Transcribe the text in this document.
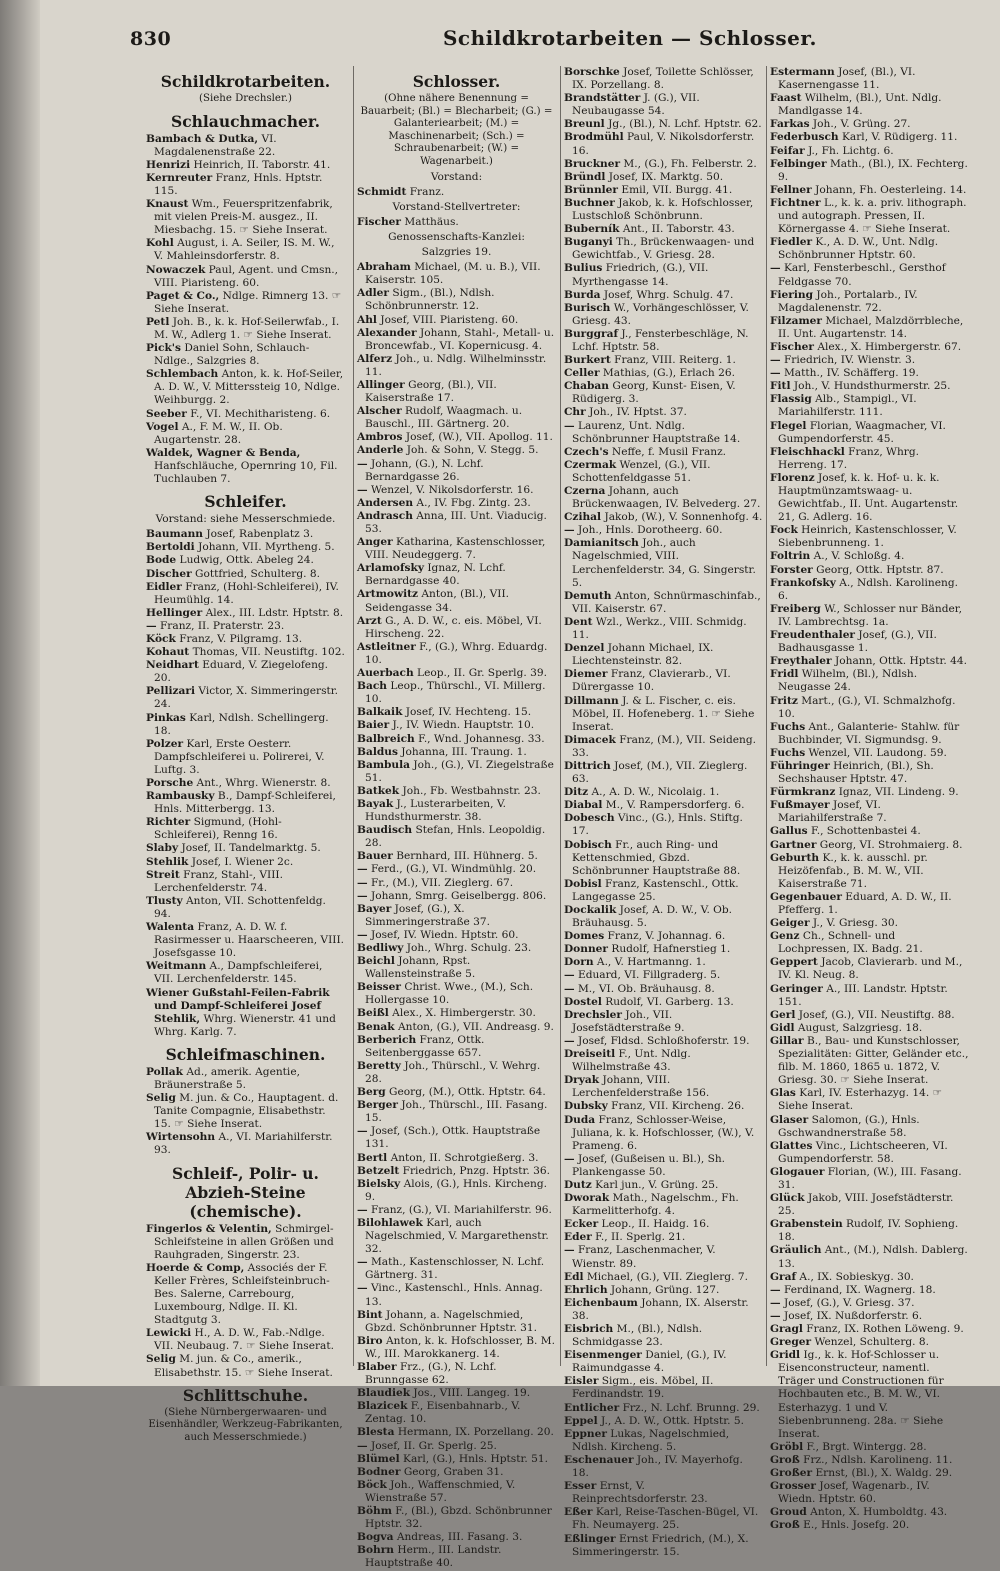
830	Schildkrotarbeiten — Schlosser.
Schildkrotarbeiten.
(Siehe Drechsler.)
Schlauchmacher.
Bambach & Dutka, VI. Magdalenenstraße 22.
Henrizi Heinrich, II. Taborstr. 41.
Kernreuter Franz, Hnls. Hptstr. 115.
Knaust Wm., Feuerspritzenfabrik, mit vielen Preis-M. ausgez., II. Miesbachg. 15. ☞ Siehe Inserat.
Kohl August, i. A. Seiler, IS. M. W., V. Mahleinsdorferstr. 8.
Nowaczek Paul, Agent. und Cmsn., VIII. Piaristeng. 60.
Paget & Co., Ndlge. Rimnerg 13. ☞ Siehe Inserat.
Petl Joh. B., k. k. Hof-Seilerwfab., I. M. W., Adlerg 1. ☞ Siehe Inserat.
Pick's Daniel Sohn, Schlauch-Ndlge., Salzgries 8.
Schlembach Anton, k. k. Hof-Seiler, A. D. W., V. Mitterssteig 10, Ndlge. Weihburgg. 2.
Seeber F., VI. Mechitharisteng. 6.
Vogel A., F. M. W., II. Ob. Augartenstr. 28.
Waldek, Wagner & Benda, Hanfschläuche, Opernring 10, Fil. Tuchlauben 7.
Schleifer.
Vorstand: siehe Messerschmiede.
Baumann Josef, Rabenplatz 3.
Bertoldi Johann, VII. Myrtheng. 5.
Bode Ludwig, Ottk. Abeleg 24.
Discher Gottfried, Schulterg. 8.
Eidler Franz, (Hohl-Schleiferei), IV. Heumühlg. 14.
Hellinger Alex., III. Ldstr. Hptstr. 8.
— Franz, II. Praterstr. 23.
Köck Franz, V. Pilgramg. 13.
Kohaut Thomas, VII. Neustiftg. 102.
Neidhart Eduard, V. Ziegelofeng. 20.
Pellizari Victor, X. Simmeringerstr. 24.
Pinkas Karl, Ndlsh. Schellingerg. 18.
Polzer Karl, Erste Oesterr. Dampfschleiferei u. Polirerei, V. Luftg. 3.
Porsche Ant., Whrg. Wienerstr. 8.
Rambausky B., Dampf-Schleiferei, Hnls. Mitterbergg. 13.
Richter Sigmund, (Hohl-Schleiferei), Renng 16.
Slaby Josef, II. Tandelmarktg. 5.
Stehlik Josef, I. Wiener 2c.
Streit Franz, Stahl-, VIII. Lerchenfelderstr. 74.
Tlusty Anton, VII. Schottenfeldg. 94.
Walenta Franz, A. D. W. f. Rasirmesser u. Haarscheeren, VIII. Josefsgasse 10.
Weitmann A., Dampfschleiferei, VII. Lerchenfelderstr. 145.
Wiener Gußstahl-Feilen-Fabrik und Dampf-Schleiferei Josef Stehlik, Whrg. Wienerstr. 41 und Whrg. Karlg. 7.
Schleifmaschinen.
Pollak Ad., amerik. Agentie, Bräunerstraße 5.
Selig M. jun. & Co., Hauptagent. d. Tanite Compagnie, Elisabethstr. 15. ☞ Siehe Inserat.
Wirtensohn A., VI. Mariahilferstr. 93.
Schleif-, Polir- u. Abzieh-Steine (chemische).
Fingerlos & Velentin, Schmirgel-Schleifsteine in allen Größen und Rauhgraden, Singerstr. 23.
Hoerde & Comp, Associés der F. Keller Frères, Schleifsteinbruch-Bes. Salerne, Carrebourg, Luxembourg, Ndlge. II. Kl. Stadtgutg 3.
Lewicki H., A. D. W., Fab.-Ndlge. VII. Neubaug. 7. ☞ Siehe Inserat.
Selig M. jun. & Co., amerik., Elisabethstr. 15. ☞ Siehe Inserat.
Schlittschuhe.
(Siehe Nürnbergerwaaren- und Eisenhändler, Werkzeug-Fabrikanten, auch Messerschmiede.)
Schlosser.
(Ohne nähere Benennung = Bauarbeit; (Bl.) = Blecharbeit; (G.) = Galanteriearbeit; (M.) = Maschinenarbeit; (Sch.) = Schraubenarbeit; (W.) = Wagenarbeit.)
Vorstand:
Schmidt Franz.
Vorstand-Stellvertreter:
Fischer Matthäus.
Genossenschafts-Kanzlei:
Salzgries 19.
Abraham Michael, (M. u. B.), VII. Kaiserstr. 105.
Adler Sigm., (Bl.), Ndlsh. Schönbrunnerstr. 12.
Ahl Josef, VIII. Piaristeng. 60.
Alexander Johann, Stahl-, Metall- u. Broncewfab., VI. Kopernicusg. 4.
Alferz Joh., u. Ndlg. Wilhelminsstr. 11.
Allinger Georg, (Bl.), VII. Kaiserstraße 17.
Alscher Rudolf, Waagmach. u. Bauschl., III. Gärtnerg. 20.
Ambros Josef, (W.), VII. Apollog. 11.
Anderle Joh. & Sohn, V. Stegg. 5.
— Johann, (G.), N. Lchf. Bernardgasse 26.
— Wenzel, V. Nikolsdorferstr. 16.
Andersen A., IV. Fbg. Zintg. 23.
Andrasch Anna, III. Unt. Viaducig. 53.
Anger Katharina, Kastenschlosser, VIII. Neudeggerg. 7.
Arlamofsky Ignaz, N. Lchf. Bernardgasse 40.
Artmowitz Anton, (Bl.), VII. Seidengasse 34.
Arzt G., A. D. W., c. eis. Möbel, VI. Hirscheng. 22.
Astleitner F., (G.), Whrg. Eduardg. 10.
Auerbach Leop., II. Gr. Sperlg. 39.
Bach Leop., Thürschl., VI. Millerg. 10.
Balkaik Josef, IV. Hechteng. 15.
Baier J., IV. Wiedn. Hauptstr. 10.
Balbreich F., Wnd. Johannesg. 33.
Baldus Johanna, III. Traung. 1.
Bambula Joh., (G.), VI. Ziegelstraße 51.
Batkek Joh., Fb. Westbahnstr. 23.
Bayak J., Lusterarbeiten, V. Hundsthurmerstr. 38.
Baudisch Stefan, Hnls. Leopoldig. 28.
Bauer Bernhard, III. Hühnerg. 5.
— Ferd., (G.), VI. Windmühlg. 20.
— Fr., (M.), VII. Zieglerg. 67.
— Johann, Smrg. Geiselbergg. 806.
Bayer Josef, (G.), X. Simmeringerstraße 37.
— Josef, IV. Wiedn. Hptstr. 60.
Bedliwy Joh., Whrg. Schulg. 23.
Beichl Johann, Rpst. Wallensteinstraße 5.
Beisser Christ. Wwe., (M.), Sch. Hollergasse 10.
Beißl Alex., X. Himbergerstr. 30.
Benak Anton, (G.), VII. Andreasg. 9.
Berberich Franz, Ottk. Seitenberggasse 657.
Beretty Joh., Thürschl., V. Wehrg. 28.
Berg Georg, (M.), Ottk. Hptstr. 64.
Berger Joh., Thürschl., III. Fasang. 15.
— Josef, (Sch.), Ottk. Hauptstraße 131.
Bertl Anton, II. Schrotgießerg. 3.
Betzelt Friedrich, Pnzg. Hptstr. 36.
Bielsky Alois, (G.), Hnls. Kircheng. 9.
— Franz, (G.), VI. Mariahilferstr. 96.
Bilohlawek Karl, auch Nagelschmied, V. Margarethenstr. 32.
— Math., Kastenschlosser, N. Lchf. Gärtnerg. 31.
— Vinc., Kastenschl., Hnls. Annag. 13.
Bint Johann, a. Nagelschmied, Gbzd. Schönbrunner Hptstr. 31.
Biro Anton, k. k. Hofschlosser, B. M. W., III. Marokkanerg. 14.
Blaber Frz., (G.), N. Lchf. Brunngasse 62.
Blaudiek Jos., VIII. Langeg. 19.
Blazicek F., Eisenbahnarb., V. Zentag. 10.
Blesta Hermann, IX. Porzellang. 20.
— Josef, II. Gr. Sperlg. 25.
Blümel Karl, (G.), Hnls. Hptstr. 51.
Bodner Georg, Graben 31.
Böck Joh., Waffenschmied, V. Wienstraße 57.
Böhm F., (Bl.), Gbzd. Schönbrunner Hptstr. 32.
Bogva Andreas, III. Fasang. 3.
Bohrn Herm., III. Landstr. Hauptstraße 40.
Borschke Josef, Toilette Schlösser, IX. Porzellang. 8.
Brandstätter J. (G.), VII. Neubaugasse 54.
Breunl Jg., (Bl.), N. Lchf. Hptstr. 62.
Brodmühl Paul, V. Nikolsdorferstr. 16.
Bruckner M., (G.), Fh. Felberstr. 2.
Bründl Josef, IX. Marktg. 50.
Brünnler Emil, VII. Burgg. 41.
Buchner Jakob, k. k. Hofschlosser, Lustschloß Schönbrunn.
Buberník Ant., II. Taborstr. 43.
Buganyi Th., Brückenwaagen- und Gewichtfab., V. Griesg. 28.
Bulius Friedrich, (G.), VII. Myrthengasse 14.
Burda Josef, Whrg. Schulg. 47.
Burisch W., Vorhängeschlösser, V. Griesg. 43.
Burggraf J., Fensterbeschläge, N. Lchf. Hptstr. 58.
Burkert Franz, VIII. Reiterg. 1.
Celler Mathias, (G.), Erlach 26.
Chaban Georg, Kunst- Eisen, V. Rüdigerg. 3.
Chr Joh., IV. Hptst. 37.
— Laurenz, Unt. Ndlg. Schönbrunner Hauptstraße 14.
Czech's Neffe, f. Musil Franz.
Czermak Wenzel, (G.), VII. Schottenfeldgasse 51.
Czerna Johann, auch Brückenwaagen, IV. Belvederg. 27.
Czihal Jakob, (W.), V. Sonnenhofg. 4.
— Joh., Hnls. Dorotheerg. 60.
Damianitsch Joh., auch Nagelschmied, VIII. Lerchenfelderstr. 34, G. Singerstr. 5.
Demuth Anton, Schnürmaschinfab., VII. Kaiserstr. 67.
Dent Wzl., Werkz., VIII. Schmidg. 11.
Denzel Johann Michael, IX. Liechtensteinstr. 82.
Diemer Franz, Clavierarb., VI. Dürergasse 10.
Dillmann J. & L. Fischer, c. eis. Möbel, II. Hofeneberg. 1. ☞ Siehe Inserat.
Dimacek Franz, (M.), VII. Seideng. 33.
Dittrich Josef, (M.), VII. Zieglerg. 63.
Ditz A., A. D. W., Nicolaig. 1.
Diabal M., V. Rampersdorferg. 6.
Dobesch Vinc., (G.), Hnls. Stiftg. 17.
Dobisch Fr., auch Ring- und Kettenschmied, Gbzd. Schönbrunner Hauptstraße 88.
Dobisl Franz, Kastenschl., Ottk. Langegasse 25.
Dockalik Josef, A. D. W., V. Ob. Bräuhausg. 5.
Domes Franz, V. Johannag. 6.
Donner Rudolf, Hafnerstieg 1.
Dorn A., V. Hartmanng. 1.
— Eduard, VI. Fillgraderg. 5.
— M., VI. Ob. Bräuhausg. 8.
Dostel Rudolf, VI. Garberg. 13.
Drechsler Joh., VII. Josefstädterstraße 9.
— Josef, Fldsd. Schloßhoferstr. 19.
Dreiseitl F., Unt. Ndlg. Wilhelmstraße 43.
Dryak Johann, VIII. Lerchenfelderstraße 156.
Dubsky Franz, VII. Kircheng. 26.
Duda Franz, Schlosser-Weise, Juliana, k. k. Hofschlosser, (W.), V. Prameng. 6.
— Josef, (Gußeisen u. Bl.), Sh. Plankengasse 50.
Dutz Karl jun., V. Grüng. 25.
Dworak Math., Nagelschm., Fh. Karmelitterhofg. 4.
Ecker Leop., II. Haidg. 16.
Eder F., II. Sperlg. 21.
— Franz, Laschenmacher, V. Wienstr. 89.
Edl Michael, (G.), VII. Zieglerg. 7.
Ehrlich Johann, Grüng. 127.
Eichenbaum Johann, IX. Alserstr. 38.
Eisbrich M., (Bl.), Ndlsh. Schmidgasse 23.
Eisenmenger Daniel, (G.), IV. Raimundgasse 4.
Eisler Sigm., eis. Möbel, II. Ferdinandstr. 19.
Entlicher Frz., N. Lchf. Brunng. 29.
Eppel J., A. D. W., Ottk. Hptstr. 5.
Eppner Lukas, Nagelschmied, Ndlsh. Kircheng. 5.
Eschenauer Joh., IV. Mayerhofg. 18.
Esser Ernst, V. Reinprechtsdorferstr. 23.
Eßer Karl, Reise-Taschen-Bügel, VI. Fh. Neumayerg. 25.
Eßlinger Ernst Friedrich, (M.), X. Simmeringerstr. 15.
Estermann Josef, (Bl.), VI. Kasernengasse 11.
Faast Wilhelm, (Bl.), Unt. Ndlg. Mandlgasse 14.
Farkas Joh., V. Grüng. 27.
Federbusch Karl, V. Rüdigerg. 11.
Feifar J., Fh. Lichtg. 6.
Felbinger Math., (Bl.), IX. Fechterg. 9.
Fellner Johann, Fh. Oesterleing. 14.
Fichtner L., k. k. a. priv. lithograph. und autograph. Pressen, II. Körnergasse 4. ☞ Siehe Inserat.
Fiedler K., A. D. W., Unt. Ndlg. Schönbrunner Hptstr. 60.
— Karl, Fensterbeschl., Gersthof Feldgasse 70.
Fiering Joh., Portalarb., IV. Magdalenenstr. 72.
Filzamer Michael, Malzdörrbleche, II. Unt. Augartenstr. 14.
Fischer Alex., X. Himbergerstr. 67.
— Friedrich, IV. Wienstr. 3.
— Matth., IV. Schäfferg. 19.
Fitl Joh., V. Hundsthurmerstr. 25.
Flassig Alb., Stampigl., VI. Mariahilferstr. 111.
Flegel Florian, Waagmacher, VI. Gumpendorferstr. 45.
Fleischhackl Franz, Whrg. Herreng. 17.
Florenz Josef, k. k. Hof- u. k. k. Hauptmünzamtswaag- u. Gewichtfab., II. Unt. Augartenstr. 21, G. Adlerg. 16.
Fock Heinrich, Kastenschlosser, V. Siebenbrunneng. 1.
Foltrin A., V. Schloßg. 4.
Forster Georg, Ottk. Hptstr. 87.
Frankofsky A., Ndlsh. Karolineng. 6.
Freiberg W., Schlosser nur Bänder, IV. Lambrechtsg. 1a.
Freudenthaler Josef, (G.), VII. Badhausgasse 1.
Freythaler Johann, Ottk. Hptstr. 44.
Fridl Wilhelm, (Bl.), Ndlsh. Neugasse 24.
Fritz Mart., (G.), VI. Schmalzhofg. 10.
Fuchs Ant., Galanterie- Stahlw. für Buchbinder, VI. Sigmundsg. 9.
Fuchs Wenzel, VII. Laudong. 59.
Führinger Heinrich, (Bl.), Sh. Sechshauser Hptstr. 47.
Fürmkranz Ignaz, VII. Lindeng. 9.
Fußmayer Josef, VI. Mariahilferstraße 7.
Gallus F., Schottenbastei 4.
Gartner Georg, VI. Strohmaierg. 8.
Geburth K., k. k. ausschl. pr. Heizöfenfab., B. M. W., VII. Kaiserstraße 71.
Gegenbauer Eduard, A. D. W., II. Pfefferg. 1.
Geiger J., V. Griesg. 30.
Genz Ch., Schnell- und Lochpressen, IX. Badg. 21.
Geppert Jacob, Clavierarb. und M., IV. Kl. Neug. 8.
Geringer A., III. Landstr. Hptstr. 151.
Gerl Josef, (G.), VII. Neustiftg. 88.
Gidl August, Salzgriesg. 18.
Gillar B., Bau- und Kunstschlosser, Spezialitäten: Gitter, Geländer etc., filb. M. 1860, 1865 u. 1872, V. Griesg. 30. ☞ Siehe Inserat.
Glas Karl, IV. Esterhazyg. 14. ☞ Siehe Inserat.
Glaser Salomon, (G.), Hnls. Gschwandnerstraße 58.
Glattes Vinc., Lichtscheeren, VI. Gumpendorferstr. 58.
Glogauer Florian, (W.), III. Fasang. 31.
Glück Jakob, VIII. Josefstädterstr. 25.
Grabenstein Rudolf, IV. Sophieng. 18.
Gräulich Ant., (M.), Ndlsh. Dablerg. 13.
Graf A., IX. Sobieskyg. 30.
— Ferdinand, IX. Wagnerg. 18.
— Josef, (G.), V. Griesg. 37.
— Josef, IX. Nußdorferstr. 6.
Gragl Franz, IX. Rothen Löweng. 9.
Greger Wenzel, Schulterg. 8.
Gridl Ig., k. k. Hof-Schlosser u. Eisenconstructeur, namentl. Träger und Constructionen für Hochbauten etc., B. M. W., VI. Esterhazyg. 1 und V. Siebenbrunneng. 28a. ☞ Siehe Inserat.
Gröbl F., Brgt. Wintergg. 28.
Groß Frz., Ndlsh. Karolineng. 11.
Großer Ernst, (Bl.), X. Waldg. 29.
Grosser Josef, Wagenarb., IV. Wiedn. Hptstr. 60.
Groud Anton, X. Humboldtg. 43.
Groß E., Hnls. Josefg. 20.
